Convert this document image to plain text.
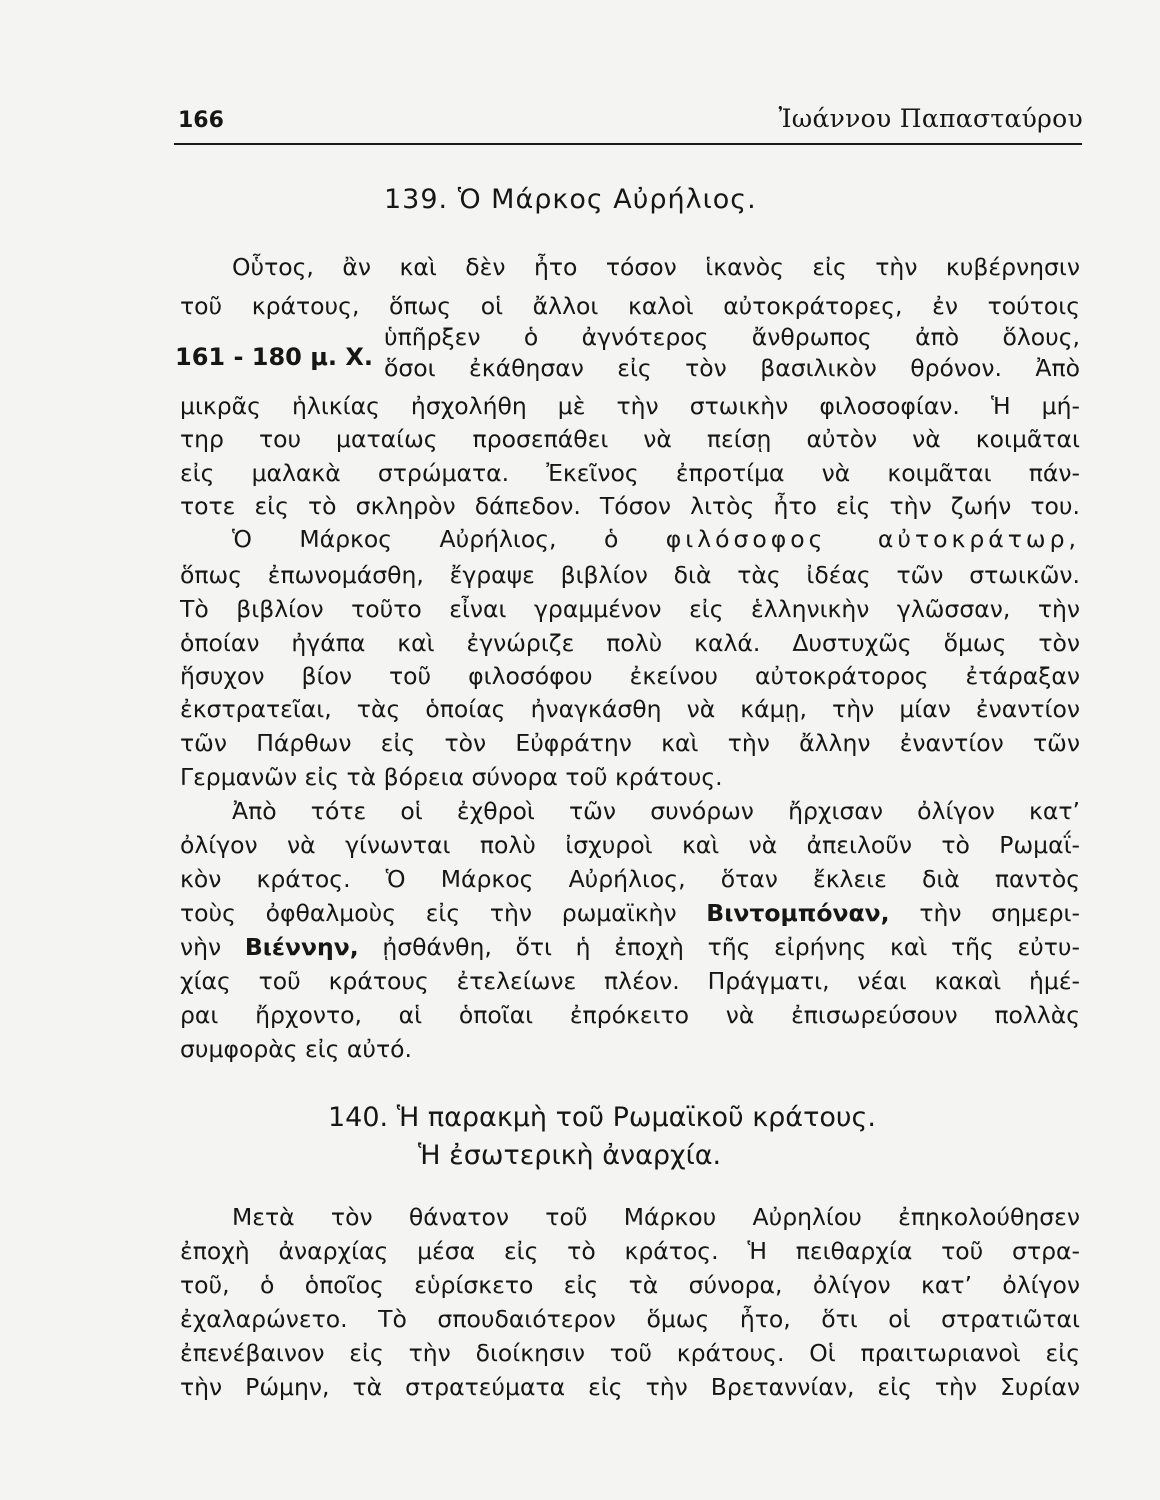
166	Ἰωάννου Παπασταύρου
139. Ὁ Μάρκος Αὐρήλιος.
161 - 180 μ. Χ.
Οὗτος, ἂν καὶ δὲν ἦτο τόσον ἱκανὸς εἰς τὴν κυβέρνησιν
τοῦ κράτους, ὅπως οἱ ἄλλοι καλοὶ αὐτοκράτορες, ἐν τούτοις
ὑπῆρξεν ὁ ἀγνότερος ἄνθρωπος ἀπὸ ὅλους,
ὅσοι ἐκάθησαν εἰς τὸν βασιλικὸν θρόνον. Ἀπὸ
μικρᾶς ἡλικίας ἠσχολήθη μὲ τὴν στωικὴν φιλοσοφίαν. Ἡ μή-
τηρ του ματαίως προσεπάθει νὰ πείσῃ αὐτὸν νὰ κοιμᾶται
εἰς μαλακὰ στρώματα. Ἐκεῖνος ἐπροτίμα νὰ κοιμᾶται πάν-
τοτε εἰς τὸ σκληρὸν δάπεδον. Τόσον λιτὸς ἦτο εἰς τὴν ζωήν του.
Ὁ Μάρκος Αὐρήλιος, ὁ φιλόσοφος αὐτοκράτωρ,
ὅπως ἐπωνομάσθη, ἔγραψε βιβλίον διὰ τὰς ἰδέας τῶν στωικῶν.
Τὸ βιβλίον τοῦτο εἶναι γραμμένον εἰς ἑλληνικὴν γλῶσσαν, τὴν
ὁποίαν ἠγάπα καὶ ἐγνώριζε πολὺ καλά. Δυστυχῶς ὅμως τὸν
ἥσυχον βίον τοῦ φιλοσόφου ἐκείνου αὐτοκράτορος ἐτάραξαν
ἐκστρατεῖαι, τὰς ὁποίας ἠναγκάσθη νὰ κάμῃ, τὴν μίαν ἐναντίον
τῶν Πάρθων εἰς τὸν Εὐφράτην καὶ τὴν ἄλλην ἐναντίον τῶν
Γερμανῶν εἰς τὰ βόρεια σύνορα τοῦ κράτους.
Ἀπὸ τότε οἱ ἐχθροὶ τῶν συνόρων ἤρχισαν ὀλίγον κατ’
ὀλίγον νὰ γίνωνται πολὺ ἰσχυροὶ καὶ νὰ ἀπειλοῦν τὸ Ρωμαΐ-
κὸν κράτος. Ὁ Μάρκος Αὐρήλιος, ὅταν ἔκλειε διὰ παντὸς
τοὺς ὀφθαλμοὺς εἰς τὴν ρωμαϊκὴν Βιντομπόναν, τὴν σημερι-
νὴν Βιέννην, ᾐσθάνθη, ὅτι ἡ ἐποχὴ τῆς εἰρήνης καὶ τῆς εὐτυ-
χίας τοῦ κράτους ἐτελείωνε πλέον. Πράγματι, νέαι κακαὶ ἡμέ-
ραι ἤρχοντο, αἱ ὁποῖαι ἐπρόκειτο νὰ ἐπισωρεύσουν πολλὰς
συμφορὰς εἰς αὐτό.
140. Ἡ παρακμὴ τοῦ Ρωμαϊκοῦ κράτους.
Ἡ ἐσωτερικὴ ἀναρχία.
Μετὰ τὸν θάνατον τοῦ Μάρκου Αὐρηλίου ἐπηκολούθησεν
ἐποχὴ ἀναρχίας μέσα εἰς τὸ κράτος. Ἡ πειθαρχία τοῦ στρα-
τοῦ, ὁ ὁποῖος εὑρίσκετο εἰς τὰ σύνορα, ὀλίγον κατ’ ὀλίγον
ἐχαλαρώνετο. Τὸ σπουδαιότερον ὅμως ἦτο, ὅτι οἱ στρατιῶται
ἐπενέβαινον εἰς τὴν διοίκησιν τοῦ κράτους. Οἱ πραιτωριανοὶ εἰς
τὴν Ρώμην, τὰ στρατεύματα εἰς τὴν Βρεταννίαν, εἰς τὴν Συρίαν
